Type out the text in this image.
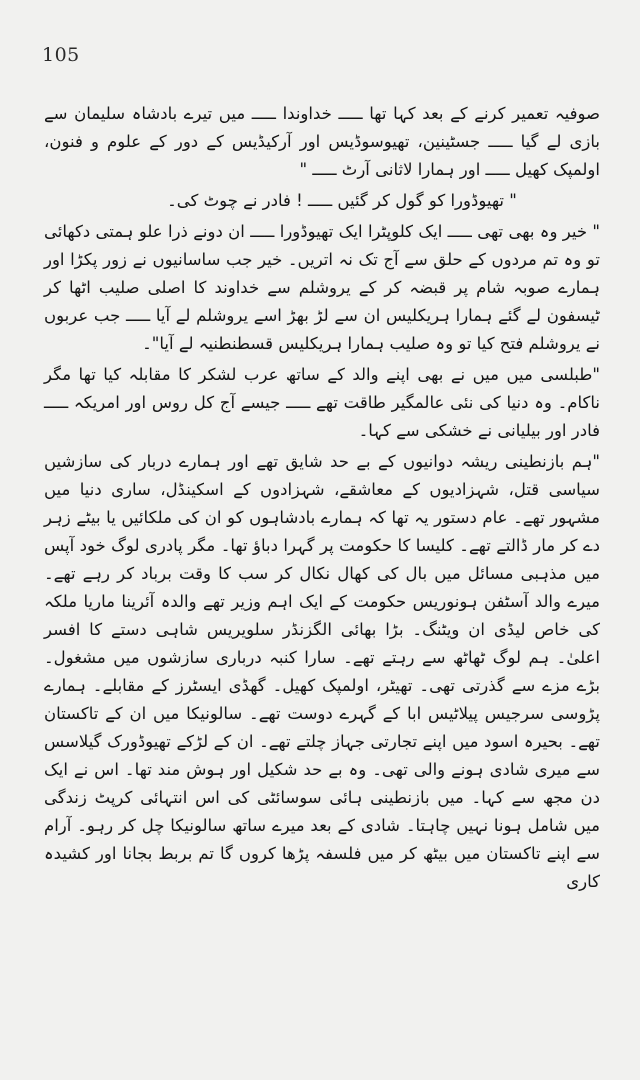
105

صوفیہ تعمیر کرنے کے بعد کہا تھا ـــــ خداوندا ـــــ میں تیرے بادشاہ سلیمان سے بازی لے گیا ـــــ جسٹینین، تھیوسوڈیس اور آرکیڈیس کے دور کے علوم و فنون، اولمپک کھیل ـــــ اور ہمارا لاثانی آرٹ ـــــ "

" تھیوڈورا کو گول کر گئیں ـــــ ! فادر نے چوٹ کی۔

" خیر وہ بھی تھی ـــــ ایک کلوپٹرا ایک تھیوڈورا ـــــ ان دونے ذرا علو ہمتی دکھائی تو وہ تم مردوں کے حلق سے آج تک نہ اتریں۔ خیر جب ساسانیوں نے زور پکڑا اور ہمارے صوبہ شام پر قبضہ کر کے یروشلم سے خداوند کا اصلی صلیب اٹھا کر ٹیسفون لے گئے ہمارا ہریکلیس ان سے لڑ بھڑ اسے یروشلم لے آیا ـــــ جب عربوں نے یروشلم فتح کیا تو وہ صلیب ہمارا ہریکلیس قسطنطنیہ لے آیا"۔

"طبلسی میں میں نے بھی اپنے والد کے ساتھ عرب لشکر کا مقابلہ کیا تھا مگر ناکام۔ وہ دنیا کی نئی عالمگیر طاقت تھے ـــــ جیسے آج کل روس اور امریکہ ـــــ فادر اور بیلیانی نے خشکی سے کہا۔

"ہم بازنطینی ریشہ دوانیوں کے بے حد شایق تھے اور ہمارے دربار کی سازشیں سیاسی قتل، شہزادیوں کے معاشقے، شہزادوں کے اسکینڈل، ساری دنیا میں مشہور تھے۔ عام دستور یہ تھا کہ ہمارے بادشاہوں کو ان کی ملکائیں یا بیٹے زہر دے کر مار ڈالتے تھے۔ کلیسا کا حکومت پر گہرا دباؤ تھا۔ مگر پادری لوگ خود آپس میں مذہبی مسائل میں بال کی کھال نکال کر سب کا وقت برباد کر رہے تھے۔ میرے والد آسٹفن ہونوریس حکومت کے ایک اہم وزیر تھے والدہ آئرینا ماریا ملکہ کی خاص لیڈی ان ویٹنگ۔ بڑا بھائی الگزنڈر سلویریس شاہی دستے کا افسر اعلیٰ۔ ہم لوگ ٹھاٹھ سے رہتے تھے۔ سارا کنبہ درباری سازشوں میں مشغول۔ بڑے مزے سے گذرتی تھی۔ تھیٹر، اولمپک کھیل۔ گھڈی ایسٹرز کے مقابلے۔ ہمارے پڑوسی سرجیس پیلاٹیس ابا کے گہرے دوست تھے۔ سالونیکا میں ان کے تاکستان تھے۔ بحیرہ اسود میں اپنے تجارتی جہاز چلتے تھے۔ ان کے لڑکے تھیوڈورک گیلاسس سے میری شادی ہونے والی تھی۔ وہ بے حد شکیل اور ہوش مند تھا۔ اس نے ایک دن مجھ سے کہا۔ میں بازنطینی ہائی سوسائٹی کی اس انتہائی کرپٹ زندگی میں شامل ہونا نہیں چاہتا۔ شادی کے بعد میرے ساتھ سالونیکا چل کر رہو۔ آرام سے اپنے تاکستان میں بیٹھ کر میں فلسفہ پڑھا کروں گا تم بربط بجانا اور کشیدہ کاری
